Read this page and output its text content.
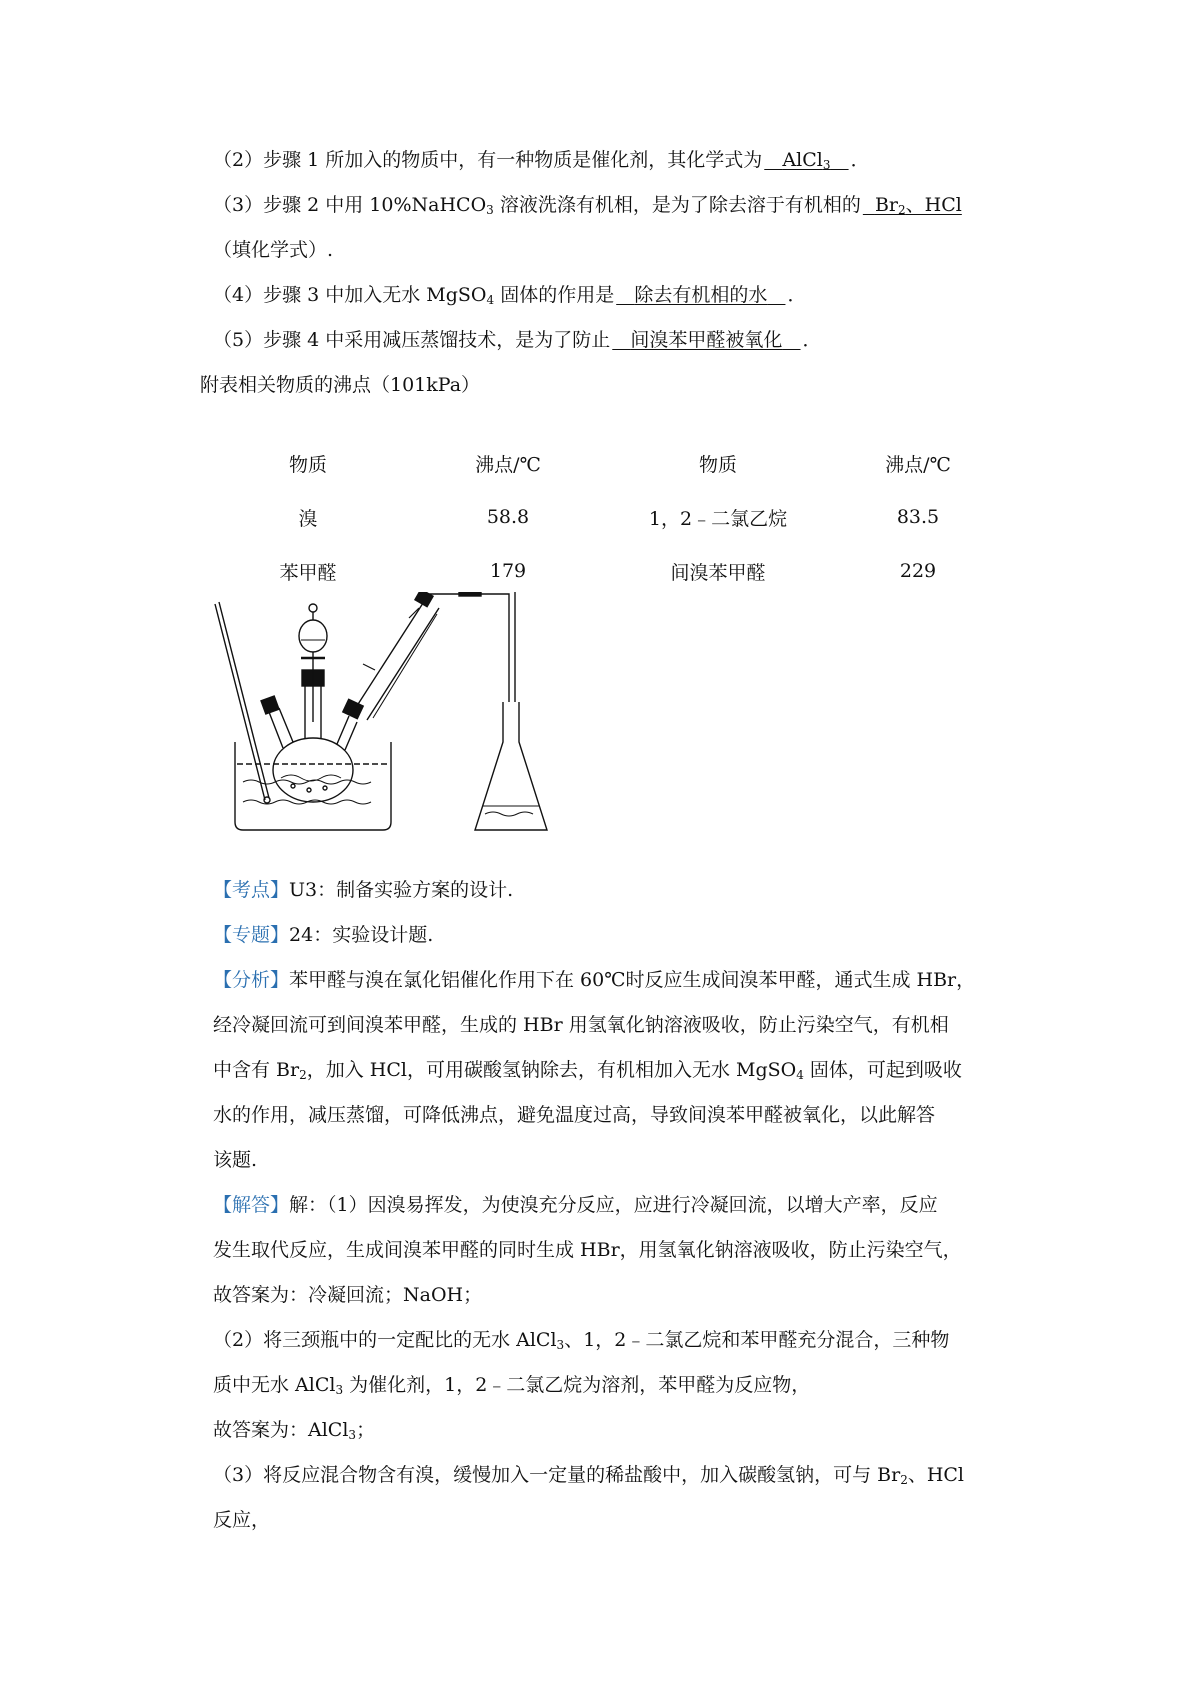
（2）步骤 1 所加入的物质中，有一种物质是催化剂，其化学式为 AlCl$_3$ ．
（3）步骤 2 中用 10%NaHCO$_3$ 溶液洗涤有机相，是为了除去溶于有机相的 $Br_2$、HCl
（填化学式）.
（4）步骤 3 中加入无水 MgSO$_4$ 固体的作用是 除去有机相的水 ．
（5）步骤 4 中采用减压蒸馏技术，是为了防止 间溴苯甲醛被氧化 ．
附表相关物质的沸点（101kPa）
物质	沸点/℃	物质	沸点/℃
溴	58.8	1，2﹣二氯乙烷	83.5
苯甲醛	179	间溴苯甲醛	229
【考点】U3：制备实验方案的设计.
【专题】24：实验设计题.
【分析】苯甲醛与溴在氯化铝催化作用下在 60℃时反应生成间溴苯甲醛，通式生成 HBr，
经冷凝回流可到间溴苯甲醛，生成的 HBr 用氢氧化钠溶液吸收，防止污染空气，有机相
中含有 $Br_2$，加入 HCl，可用碳酸氢钠除去，有机相加入无水 MgSO$_4$ 固体，可起到吸收
水的作用，减压蒸馏，可降低沸点，避免温度过高，导致间溴苯甲醛被氧化，以此解答
该题.
【解答】解：（1）因溴易挥发，为使溴充分反应，应进行冷凝回流，以增大产率，反应
发生取代反应，生成间溴苯甲醛的同时生成 HBr，用氢氧化钠溶液吸收，防止污染空气，
故答案为：冷凝回流；NaOH；
（2）将三颈瓶中的一定配比的无水 AlCl$_3$、1，2﹣二氯乙烷和苯甲醛充分混合，三种物
质中无水 AlCl$_3$ 为催化剂，1，2﹣二氯乙烷为溶剂，苯甲醛为反应物，
故答案为：AlCl$_3$；
（3）将反应混合物含有溴，缓慢加入一定量的稀盐酸中，加入碳酸氢钠，可与 $Br_2$、HCl
反应，
